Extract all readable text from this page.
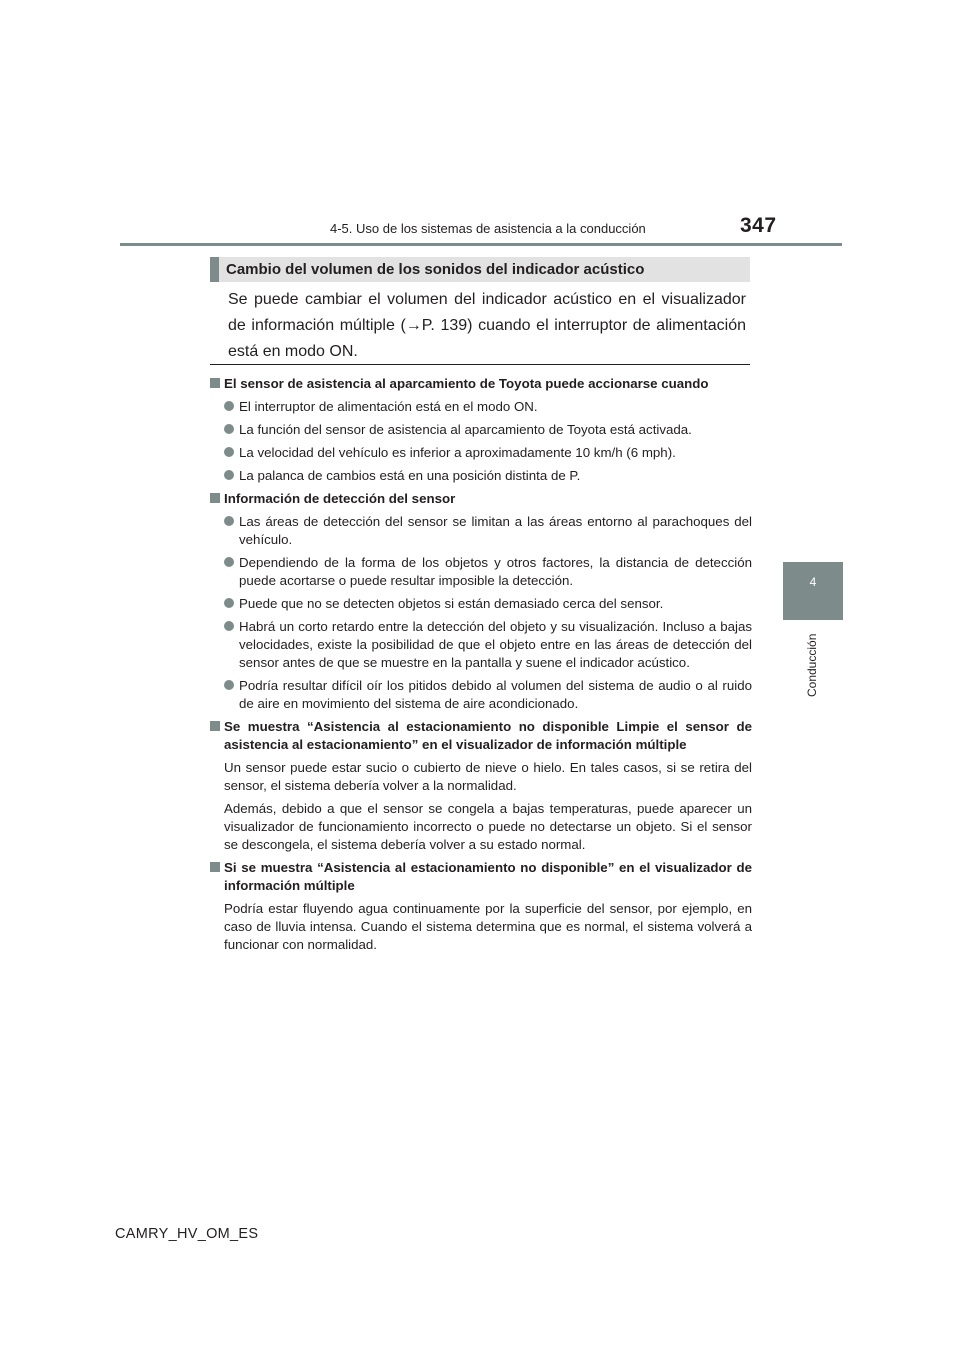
4-5. Uso de los sistemas de asistencia a la conducción	347
4
Conducción
Cambio del volumen de los sonidos del indicador acústico
Se puede cambiar el volumen del indicador acústico en el visualizador de información múltiple (→P. 139) cuando el interruptor de alimentación está en modo ON.
El sensor de asistencia al aparcamiento de Toyota puede accionarse cuando
El interruptor de alimentación está en el modo ON.
La función del sensor de asistencia al aparcamiento de Toyota está activada.
La velocidad del vehículo es inferior a aproximadamente 10 km/h (6 mph).
La palanca de cambios está en una posición distinta de P.
Información de detección del sensor
Las áreas de detección del sensor se limitan a las áreas entorno al parachoques del vehículo.
Dependiendo de la forma de los objetos y otros factores, la distancia de detección puede acortarse o puede resultar imposible la detección.
Puede que no se detecten objetos si están demasiado cerca del sensor.
Habrá un corto retardo entre la detección del objeto y su visualización. Incluso a bajas velocidades, existe la posibilidad de que el objeto entre en las áreas de detección del sensor antes de que se muestre en la pantalla y suene el indicador acústico.
Podría resultar difícil oír los pitidos debido al volumen del sistema de audio o al ruido de aire en movimiento del sistema de aire acondicionado.
Se muestra “Asistencia al estacionamiento no disponible Limpie el sensor de asistencia al estacionamiento” en el visualizador de información múltiple
Un sensor puede estar sucio o cubierto de nieve o hielo. En tales casos, si se retira del sensor, el sistema debería volver a la normalidad.
Además, debido a que el sensor se congela a bajas temperaturas, puede aparecer un visualizador de funcionamiento incorrecto o puede no detectarse un objeto. Si el sensor se descongela, el sistema debería volver a su estado normal.
Si se muestra “Asistencia al estacionamiento no disponible” en el visualizador de información múltiple
Podría estar fluyendo agua continuamente por la superficie del sensor, por ejemplo, en caso de lluvia intensa. Cuando el sistema determina que es normal, el sistema volverá a funcionar con normalidad.
CAMRY_HV_OM_ES
